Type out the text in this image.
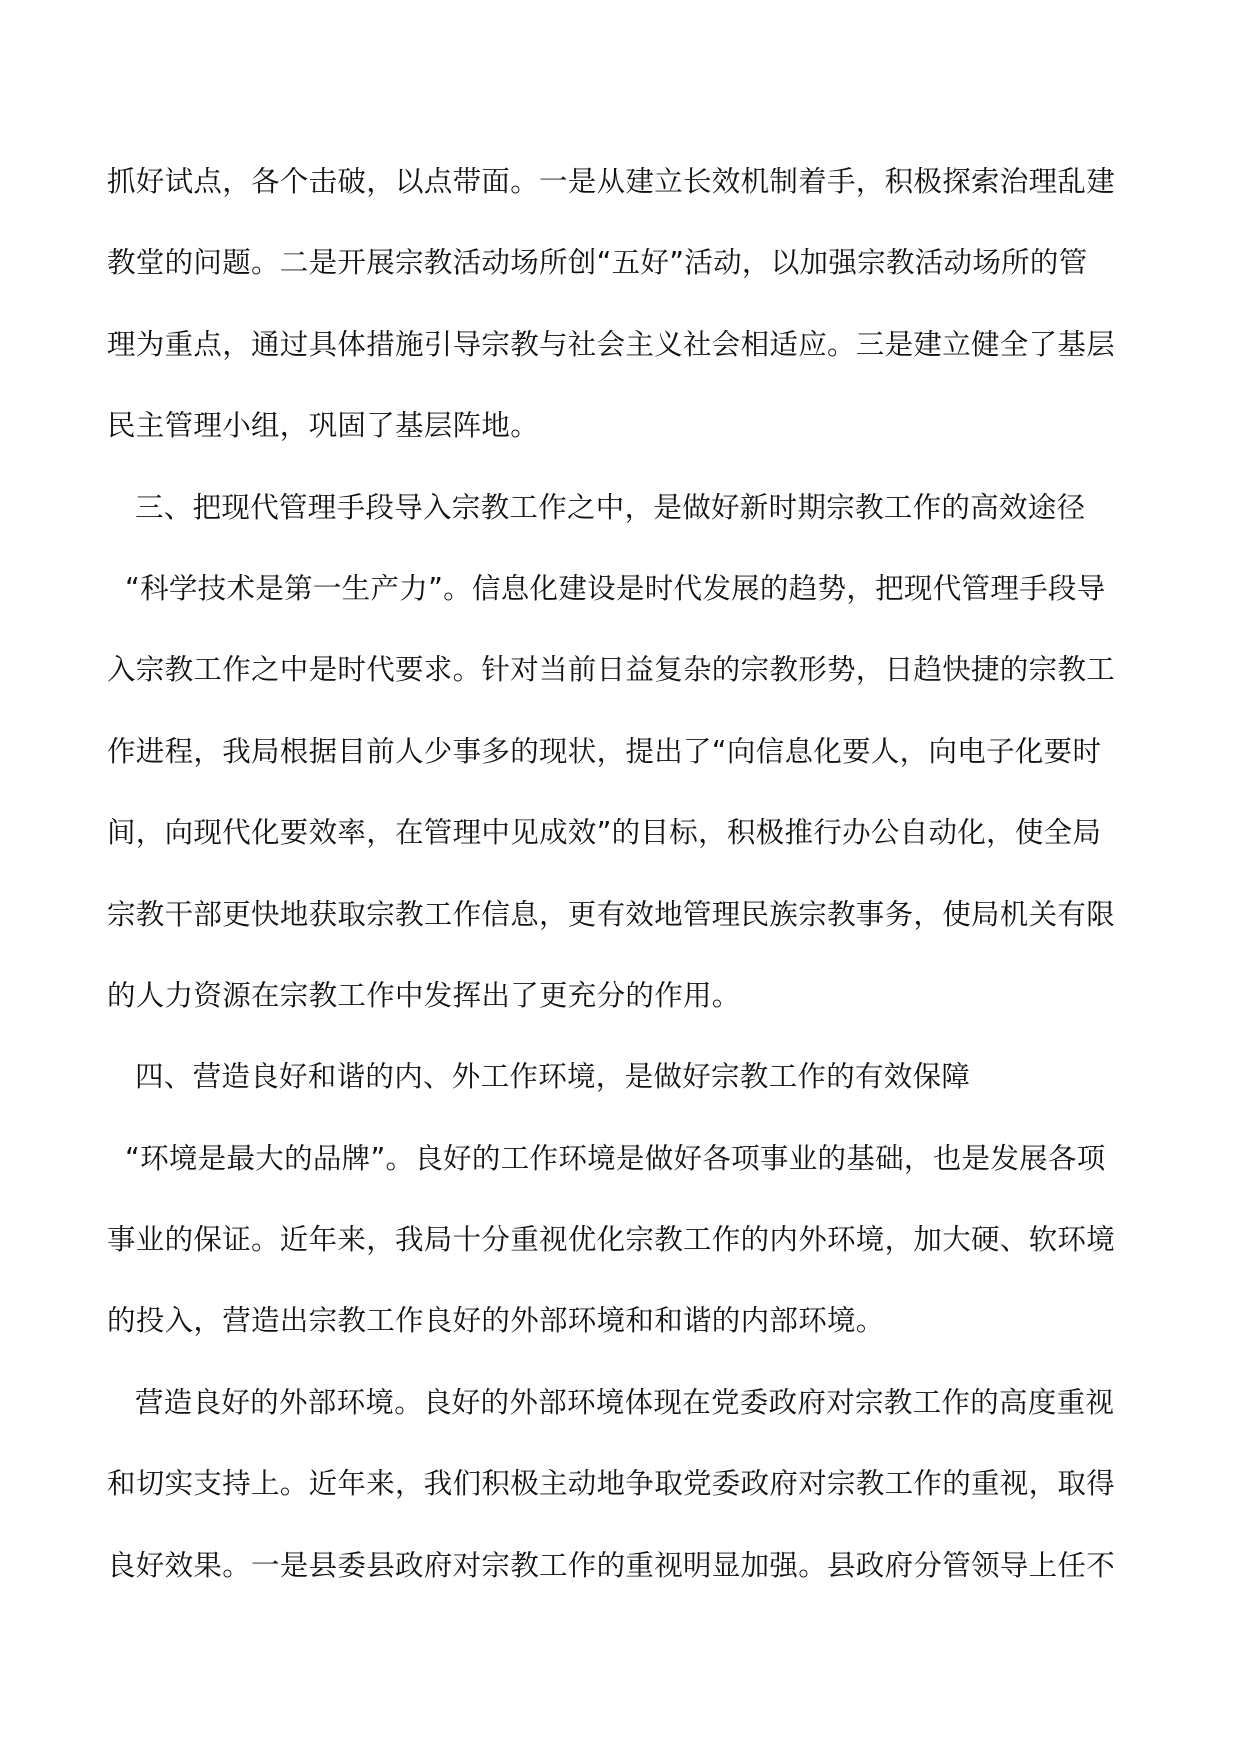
抓好试点，各个击破，以点带面。一是从建立长效机制着手，积极探索治理乱建
教堂的问题。二是开展宗教活动场所创“五好”活动，以加强宗教活动场所的管
理为重点，通过具体措施引导宗教与社会主义社会相适应。三是建立健全了基层
民主管理小组，巩固了基层阵地。
三、把现代管理手段导入宗教工作之中，是做好新时期宗教工作的高效途径
“科学技术是第一生产力”。信息化建设是时代发展的趋势，把现代管理手段导
入宗教工作之中是时代要求。针对当前日益复杂的宗教形势，日趋快捷的宗教工
作进程，我局根据目前人少事多的现状，提出了“向信息化要人，向电子化要时
间，向现代化要效率，在管理中见成效”的目标，积极推行办公自动化，使全局
宗教干部更快地获取宗教工作信息，更有效地管理民族宗教事务，使局机关有限
的人力资源在宗教工作中发挥出了更充分的作用。
四、营造良好和谐的内、外工作环境，是做好宗教工作的有效保障
“环境是最大的品牌”。良好的工作环境是做好各项事业的基础，也是发展各项
事业的保证。近年来，我局十分重视优化宗教工作的内外环境，加大硬、软环境
的投入，营造出宗教工作良好的外部环境和和谐的内部环境。
营造良好的外部环境。良好的外部环境体现在党委政府对宗教工作的高度重视
和切实支持上。近年来，我们积极主动地争取党委政府对宗教工作的重视，取得
良好效果。一是县委县政府对宗教工作的重视明显加强。县政府分管领导上任不
